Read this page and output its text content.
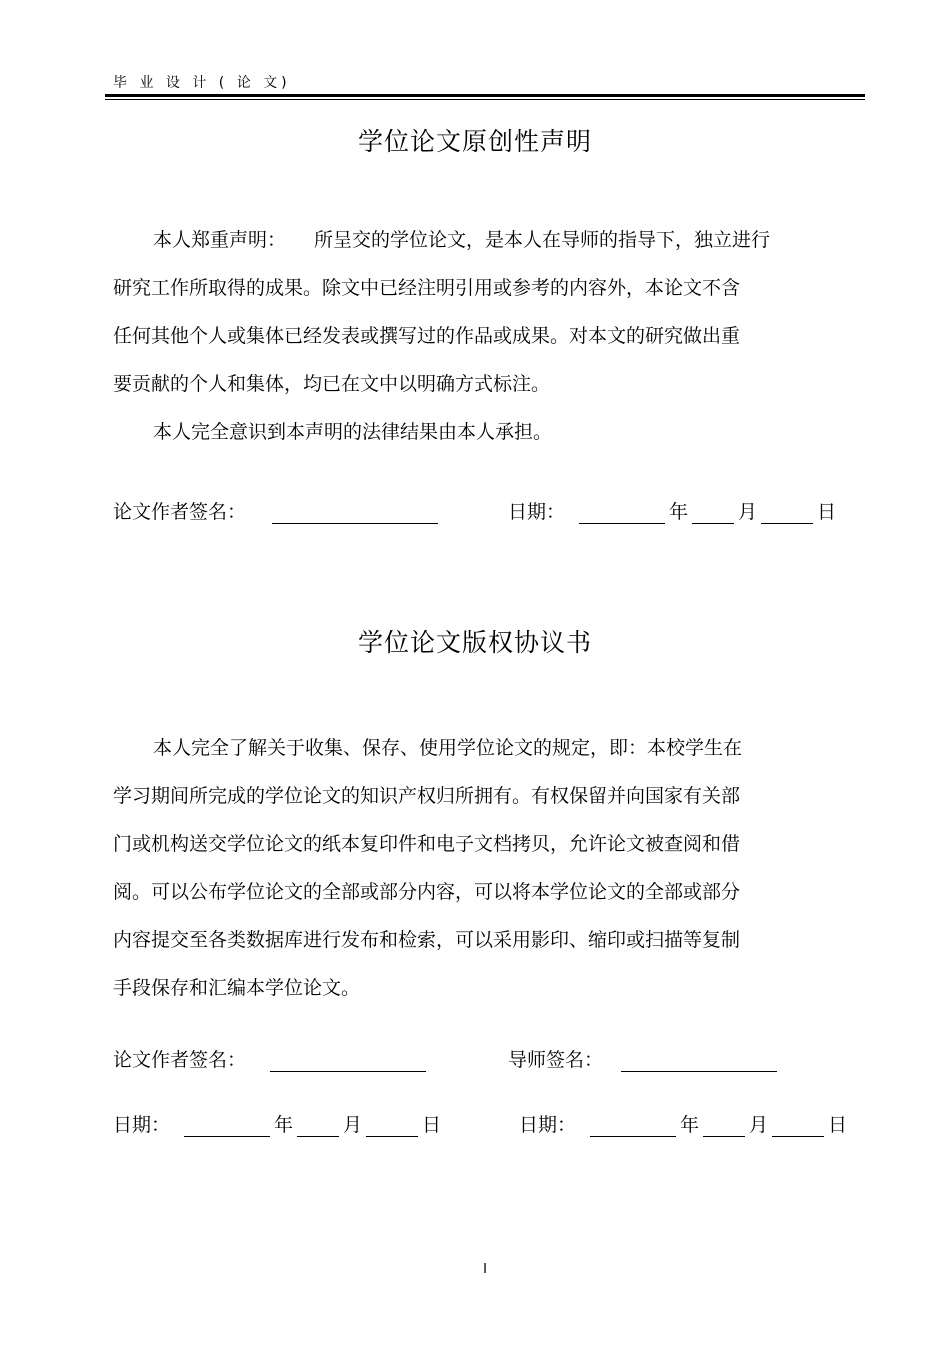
毕 业 设 计 ( 论 文)
学位论文原创性声明
本人郑重声明： 所呈交的学位论文，是本人在导师的指导下，独立进行
研究工作所取得的成果。除文中已经注明引用或参考的内容外，本论文不含
任何其他个人或集体已经发表或撰写过的作品或成果。对本文的研究做出重
要贡献的个人和集体，均已在文中以明确方式标注。
本人完全意识到本声明的法律结果由本人承担。
论文作者签名：	日期：	年	月	日
学位论文版权协议书
本人完全了解关于收集、保存、使用学位论文的规定，即：本校学生在
学习期间所完成的学位论文的知识产权归所拥有。有权保留并向国家有关部
门或机构送交学位论文的纸本复印件和电子文档拷贝，允许论文被查阅和借
阅。可以公布学位论文的全部或部分内容，可以将本学位论文的全部或部分
内容提交至各类数据库进行发布和检索，可以采用影印、缩印或扫描等复制
手段保存和汇编本学位论文。
论文作者签名：	导师签名：
日期：	年	月	日	日期：	年	月	日
I
